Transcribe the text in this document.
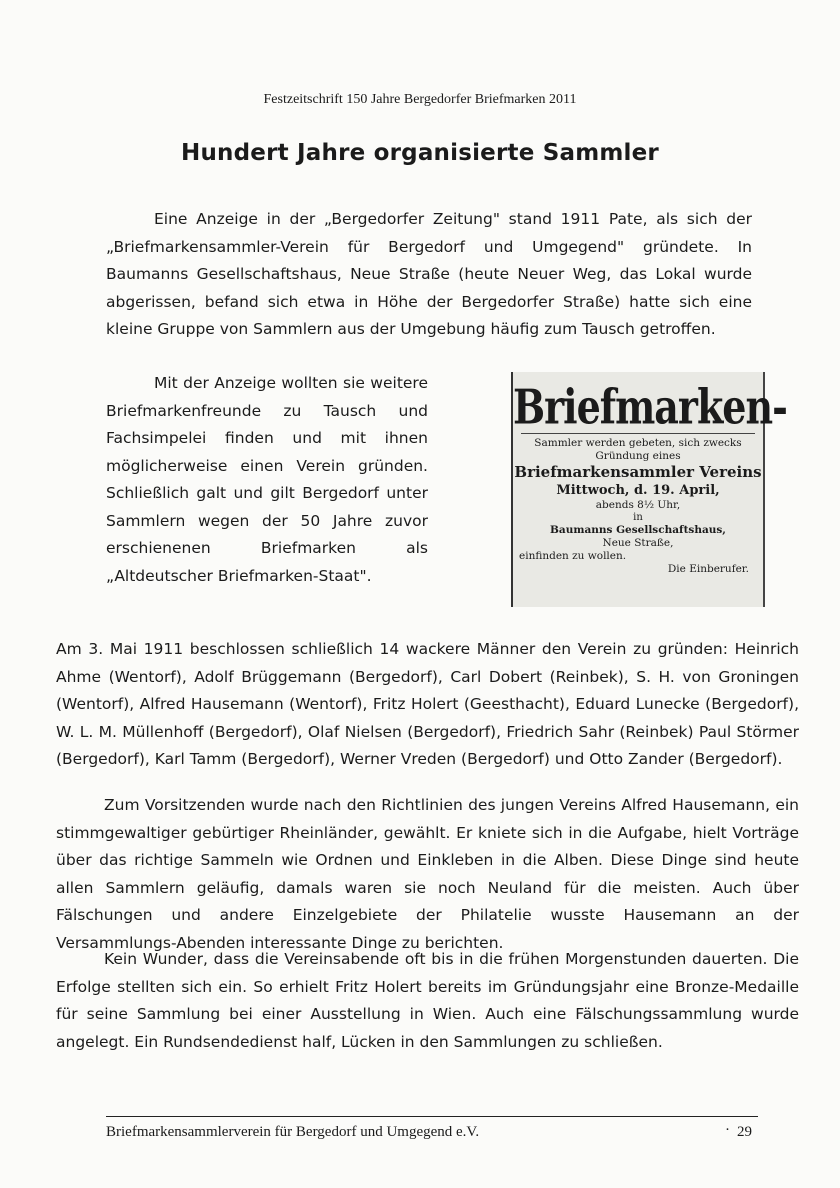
Festzeitschrift 150 Jahre Bergedorfer Briefmarken 2011
Hundert Jahre organisierte Sammler

Eine Anzeige in der „Bergedorfer Zeitung" stand 1911 Pate, als sich der „Briefmarkensammler-Verein für Bergedorf und Umgegend" gründete. In Baumanns Gesellschaftshaus, Neue Straße (heute Neuer Weg, das Lokal wurde abgerissen, befand sich etwa in Höhe der Bergedorfer Straße) hatte sich eine kleine Gruppe von Sammlern aus der Umgebung häufig zum Tausch getroffen.

Mit der Anzeige wollten sie weitere Briefmarkenfreunde zu Tausch und Fachsimpelei finden und mit ihnen möglicherweise einen Verein gründen. Schließlich galt und gilt Bergedorf unter Sammlern wegen der 50 Jahre zuvor erschienenen Briefmarken als „Altdeutscher Briefmarken-Staat".

Briefmarken-
Sammler werden gebeten, sich zwecks
Gründung eines
Briefmarkensammler Vereins
Mittwoch, d. 19. April,
abends 8½ Uhr,
in
Baumanns Gesellschaftshaus,
Neue Straße,
einfinden zu wollen.
Die Einberufer.

Am 3. Mai 1911 beschlossen schließlich 14 wackere Männer den Verein zu gründen: Heinrich Ahme (Wentorf), Adolf Brüggemann (Bergedorf), Carl Dobert (Reinbek), S. H. von Groningen (Wentorf), Alfred Hausemann (Wentorf), Fritz Holert (Geesthacht), Eduard Lunecke (Bergedorf), W. L. M. Müllenhoff (Bergedorf), Olaf Nielsen (Bergedorf), Friedrich Sahr (Reinbek) Paul Störmer (Bergedorf), Karl Tamm (Bergedorf), Werner Vreden (Bergedorf) und Otto Zander (Bergedorf).

Zum Vorsitzenden wurde nach den Richtlinien des jungen Vereins Alfred Hausemann, ein stimmgewaltiger gebürtiger Rheinländer, gewählt. Er kniete sich in die Aufgabe, hielt Vorträge über das richtige Sammeln wie Ordnen und Einkleben in die Alben. Diese Dinge sind heute allen Sammlern geläufig, damals waren sie noch Neuland für die meisten. Auch über Fälschungen und andere Einzelgebiete der Philatelie wusste Hausemann an der Versammlungs-Abenden interessante Dinge zu berichten.

Kein Wunder, dass die Vereinsabende oft bis in die frühen Morgenstunden dauerten. Die Erfolge stellten sich ein. So erhielt Fritz Holert bereits im Gründungsjahr eine Bronze-Medaille für seine Sammlung bei einer Ausstellung in Wien. Auch eine Fälschungssammlung wurde angelegt. Ein Rundsendedienst half, Lücken in den Sammlungen zu schließen.

Briefmarkensammlerverein für Bergedorf und Umgegend e.V.	· 29
